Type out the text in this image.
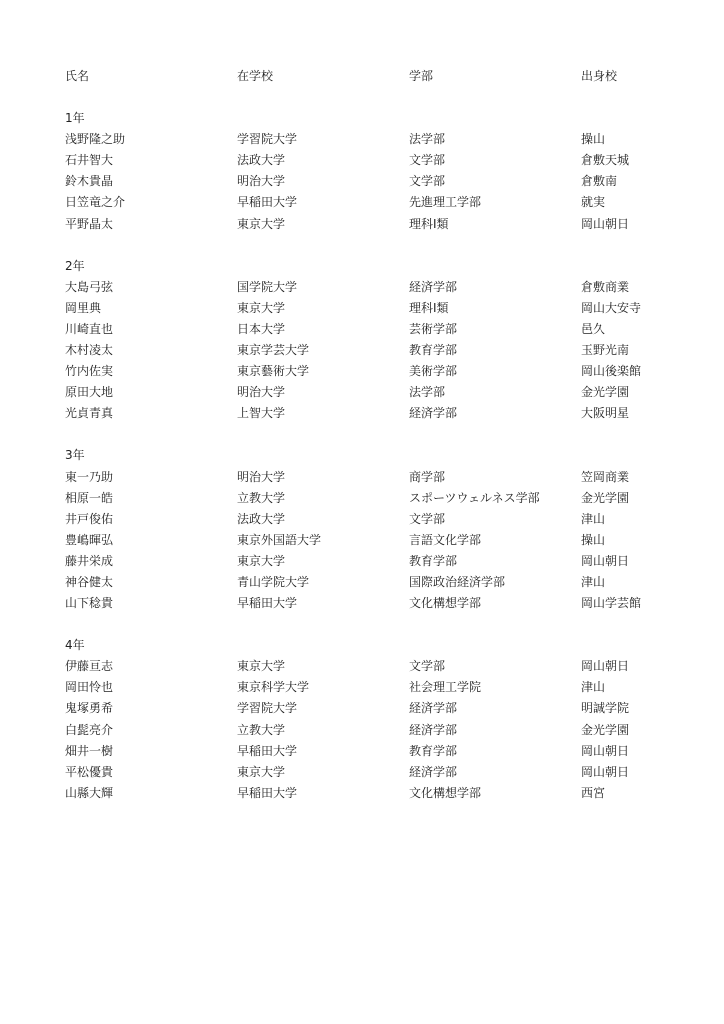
氏名	在学校	学部	出身校
1年
浅野隆之助	学習院大学	法学部	操山
石井智大	法政大学	文学部	倉敷天城
鈴木貴晶	明治大学	文学部	倉敷南
日笠竜之介	早稲田大学	先進理工学部	就実
平野晶太	東京大学	理科Ⅰ類	岡山朝日
2年
大島弓弦	国学院大学	経済学部	倉敷商業
岡里典	東京大学	理科Ⅰ類	岡山大安寺
川崎直也	日本大学	芸術学部	邑久
木村凌太	東京学芸大学	教育学部	玉野光南
竹内佐実	東京藝術大学	美術学部	岡山後楽館
原田大地	明治大学	法学部	金光学園
光貞青真	上智大学	経済学部	大阪明星
3年
東一乃助	明治大学	商学部	笠岡商業
相原一皓	立教大学	スポーツウェルネス学部	金光学園
井戸俊佑	法政大学	文学部	津山
豊嶋暉弘	東京外国語大学	言語文化学部	操山
藤井栄成	東京大学	教育学部	岡山朝日
神谷健太	青山学院大学	国際政治経済学部	津山
山下稔貴	早稲田大学	文化構想学部	岡山学芸館
4年
伊藤亘志	東京大学	文学部	岡山朝日
岡田怜也	東京科学大学	社会理工学院	津山
鬼塚勇希	学習院大学	経済学部	明誠学院
白髭亮介	立教大学	経済学部	金光学園
畑井一樹	早稲田大学	教育学部	岡山朝日
平松優貴	東京大学	経済学部	岡山朝日
山縣大輝	早稲田大学	文化構想学部	西宮
